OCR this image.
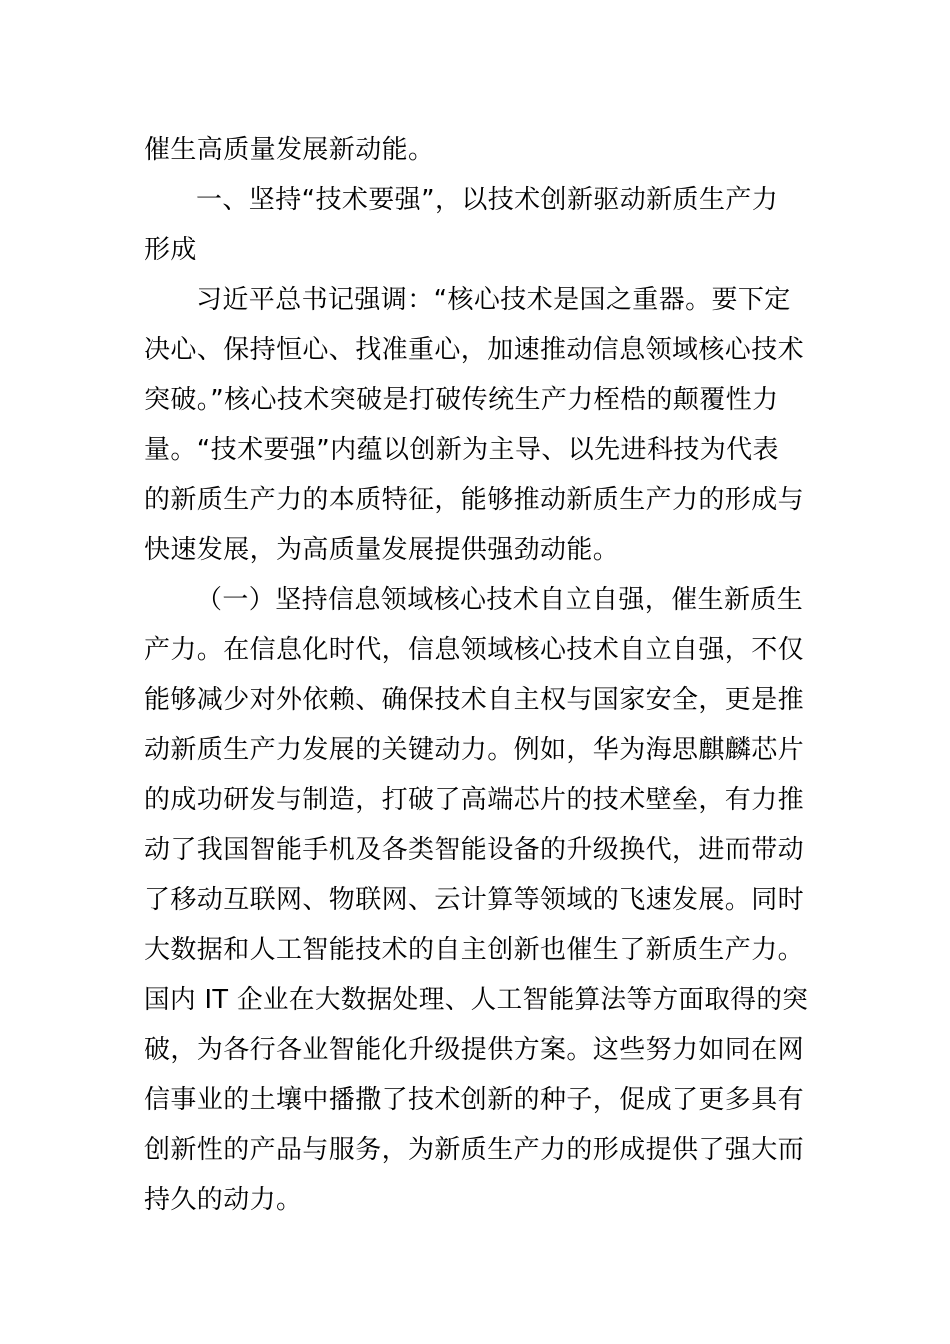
催生高质量发展新动能。
一、坚持“技术要强”，以技术创新驱动新质生产力
形成
习近平总书记强调：“核心技术是国之重器。要下定
决心、保持恒心、找准重心，加速推动信息领域核心技术
突破。”核心技术突破是打破传统生产力桎梏的颠覆性力
量。“技术要强”内蕴以创新为主导、以先进科技为代表
的新质生产力的本质特征，能够推动新质生产力的形成与
快速发展，为高质量发展提供强劲动能。
（一）坚持信息领域核心技术自立自强，催生新质生
产力。在信息化时代，信息领域核心技术自立自强，不仅
能够减少对外依赖、确保技术自主权与国家安全，更是推
动新质生产力发展的关键动力。例如，华为海思麒麟芯片
的成功研发与制造，打破了高端芯片的技术壁垒，有力推
动了我国智能手机及各类智能设备的升级换代，进而带动
了移动互联网、物联网、云计算等领域的飞速发展。同时
大数据和人工智能技术的自主创新也催生了新质生产力。
国内 IT 企业在大数据处理、人工智能算法等方面取得的突
破，为各行各业智能化升级提供方案。这些努力如同在网
信事业的土壤中播撒了技术创新的种子，促成了更多具有
创新性的产品与服务，为新质生产力的形成提供了强大而
持久的动力。
